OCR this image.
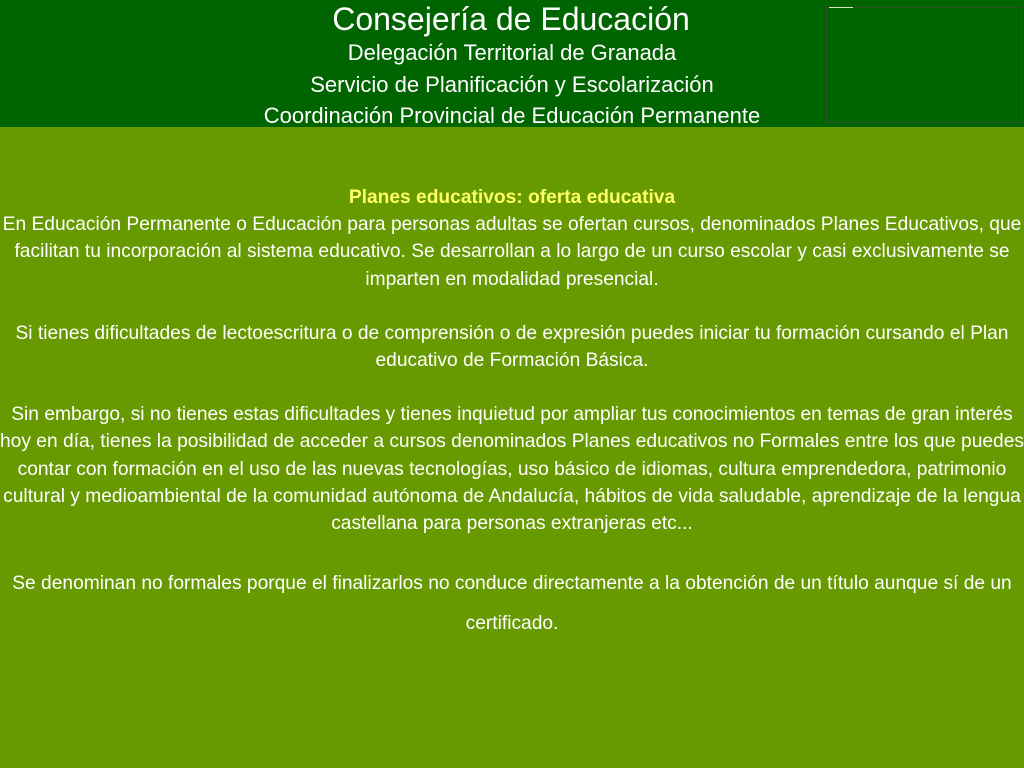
Consejería de Educación
Delegación Territorial de Granada
Servicio de Planificación y Escolarización
Coordinación Provincial de Educación Permanente

Planes educativos: oferta educativa

En Educación Permanente o Educación para personas adultas se ofertan cursos, denominados Planes Educativos, que facilitan tu incorporación al sistema educativo. Se desarrollan a lo largo de un curso escolar y casi exclusivamente se imparten en modalidad presencial.

Si tienes dificultades de lectoescritura o de comprensión o de expresión puedes iniciar tu formación cursando el Plan educativo de Formación Básica.

Sin embargo, si no tienes estas dificultades y tienes inquietud por ampliar tus conocimientos en temas de gran interés hoy en día, tienes la posibilidad de acceder a cursos denominados Planes educativos no Formales entre los que puedes contar con formación en el uso de las nuevas tecnologías, uso básico de idiomas, cultura emprendedora, patrimonio cultural y medioambiental de la comunidad autónoma de Andalucía, hábitos de vida saludable, aprendizaje de la lengua castellana para personas extranjeras etc...

Se denominan no formales porque el finalizarlos no conduce directamente a la obtención de un título aunque sí de un certificado.
